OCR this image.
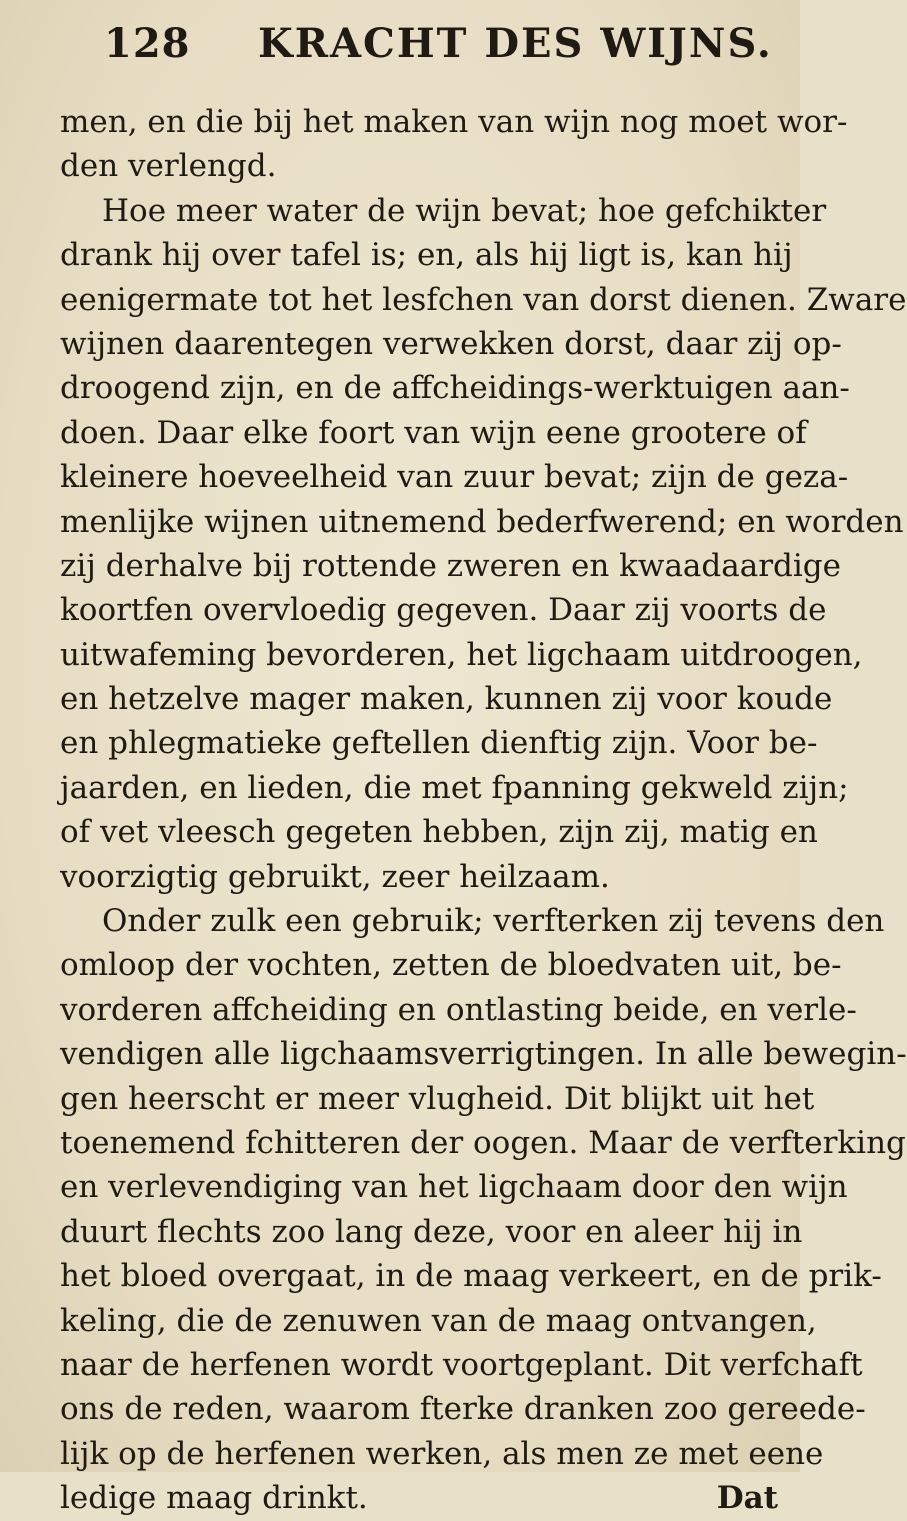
128 KRACHT DES WIJNS.
men, en die bij het maken van wijn nog moet wor-
den verlengd.
Hoe meer water de wijn bevat; hoe gefchikter
drank hij over tafel is; en, als hij ligt is, kan hij
eenigermate tot het lesfchen van dorst dienen. Zware
wijnen daarentegen verwekken dorst, daar zij op-
droogend zijn, en de affcheidings-werktuigen aan-
doen. Daar elke foort van wijn eene grootere of
kleinere hoeveelheid van zuur bevat; zijn de geza-
menlijke wijnen uitnemend bederfwerend; en worden
zij derhalve bij rottende zweren en kwaadaardige
koortfen overvloedig gegeven. Daar zij voorts de
uitwafeming bevorderen, het ligchaam uitdroogen,
en hetzelve mager maken, kunnen zij voor koude
en phlegmatieke geftellen dienftig zijn. Voor be-
jaarden, en lieden, die met fpanning gekweld zijn;
of vet vleesch gegeten hebben, zijn zij, matig en
voorzigtig gebruikt, zeer heilzaam.
Onder zulk een gebruik; verfterken zij tevens den
omloop der vochten, zetten de bloedvaten uit, be-
vorderen affcheiding en ontlasting beide, en verle-
vendigen alle ligchaamsverrigtingen. In alle bewegin-
gen heerscht er meer vlugheid. Dit blijkt uit het
toenemend fchitteren der oogen. Maar de verfterking
en verlevendiging van het ligchaam door den wijn
duurt flechts zoo lang deze, voor en aleer hij in
het bloed overgaat, in de maag verkeert, en de prik-
keling, die de zenuwen van de maag ontvangen,
naar de herfenen wordt voortgeplant. Dit verfchaft
ons de reden, waarom fterke dranken zoo gereede-
lijk op de herfenen werken, als men ze met eene
ledige maag drinkt.	Dat
